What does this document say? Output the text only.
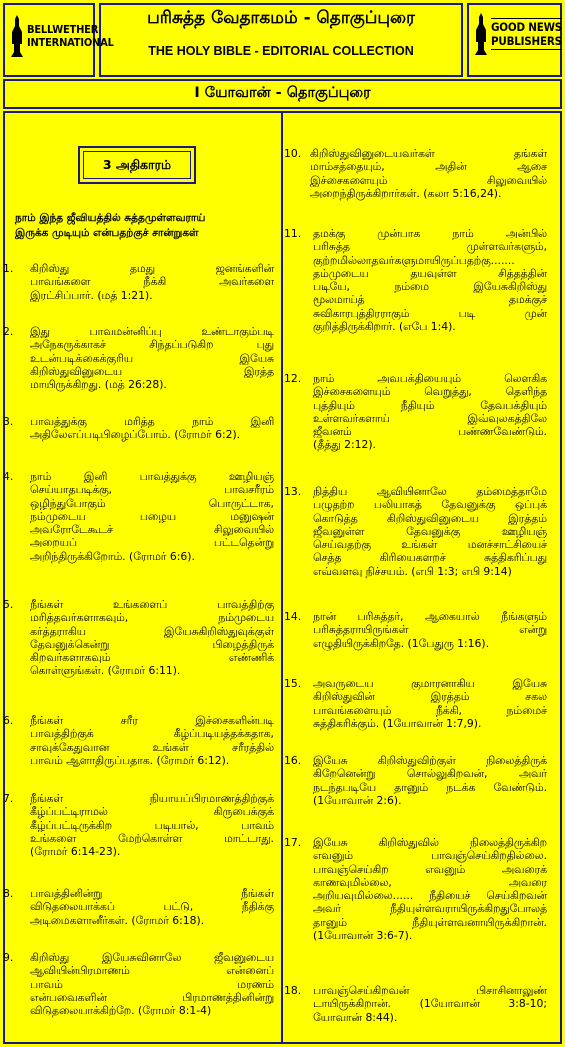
BELLWETHER
INTERNATIONAL
GOOD NEWS
PUBLISHERS
பரிசுத்த வேதாகமம் - தொகுப்புரை
THE HOLY BIBLE - EDITORIAL COLLECTION
I யோவான் - தொகுப்புரை
3 அதிகாரம்
நாம் இந்த ஜீவியத்தில் சுத்தமுள்ளவராய்
இருக்க முடியும் என்பதற்குச் சான்றுகள்
1. கிறிஸ்து தமது ஜனங்களின்
பாவங்களை நீக்கி அவர்களை
இரட்சிப்பார். (மத் 1:21).
2. இது பாவமன்னிப்பு உண்டாகும்படி
அநேகருக்காகச் சிந்தப்படுகிற புது
உடன்படிக்கைக்குரிய இயேசு
கிறிஸ்துவினுடைய இரத்த
மாயிருக்கிறது. (மத் 26:28).
3. பாவத்துக்கு மரித்த நாம் இனி
அதிலேஎப்படிபிழைப்போம். (ரோமர் 6:2).
4. நாம் இனி பாவத்துக்கு ஊழியஞ்
செய்யாதபடிக்கு, பாவசரீரம்
ஒழிந்துபோகும் பொருட்டாக,
நம்முடைய பழைய மனுஷன்
அவரோடேகூடச் சிலுவையில்
அறையப் பட்டதென்று
அறிந்திருக்கிறோம். (ரோமர் 6:6).
5. நீங்கள் உங்களைப் பாவத்திற்கு
மரித்தவர்களாகவும், நம்முடைய
கர்த்தராகிய இயேசுகிறிஸ்துவுக்குள்
தேவனுக்கென்று பிழைத்திருக்
கிறவர்களாகவும் எண்ணிக்
கொள்ளுங்கள். (ரோமர் 6:11).
6. நீங்கள் சரீர இச்சைகளின்படி
பாவத்திற்குக் கீழ்ப்படியத்தக்கதாக,
சாவுக்கேதுவான உங்கள் சரீரத்தில்
பாவம் ஆளாதிருப்பதாக. (ரோமர் 6:12).
7. நீங்கள் நியாயப்பிரமாணத்திற்குக்
கீழ்ப்பட்டிராமல் கிருபைக்குக்
கீழ்ப்பட்டிருக்கிற படியால், பாவம்
உங்களை மேற்கொள்ள மாட்டாது.
(ரோமர் 6:14-23).
8. பாவத்தினின்று நீங்கள்
விடுதலையாக்கப் பட்டு, நீதிக்கு
அடிமைகளானீர்கள். (ரோமர் 6:18).
9. கிறிஸ்து இயேசுவினாலே ஜீவனுடைய
ஆவியின்பிரமாணம் என்னைப்
பாவம் மரணம்
என்பவைகளின் பிரமாணத்தினின்று
விடுதலையாக்கிற்றே. (ரோமர் 8:1-4)
10. கிறிஸ்துவினுடையவர்கள் தங்கள்
மாம்சத்தையும், அதின் ஆசை
இச்சைகளையும் சிலுவையில்
அறைந்திருக்கிறார்கள். (கலா 5:16,24).
11. தமக்கு முன்பாக நாம் அன்பில்
பரிசுத்த முள்ளவர்களும்,
குற்றமில்லாதவர்களுமாயிருப்பதற்கு.......
தம்முடைய தயவுள்ள சித்தத்தின்
படியே, நம்மை இயேசுகிறிஸ்து
மூலமாய்த் தமக்குச்
சுவிகாரபுத்திரராகும் படி முன்
குறித்திருக்கிறார். (எபே 1:4).
12. நாம் அவபக்தியையும் லௌகிக
இச்சைகளையும் வெறுத்து, தெளிந்த
புத்தியும் நீதியும் தேவபக்தியும்
உள்ளவர்களாய் இவ்வுலகத்திலே
ஜீவனம் பண்ணவேண்டும்.
(தீத்து 2:12).
13. நித்திய ஆவியினாலே தம்மைத்தாமே
பழுதற்ற பலியாகத் தேவனுக்கு ஒப்புக்
கொடுத்த கிறிஸ்துவினுடைய இரத்தம்
ஜீவனுள்ள தேவனுக்கு ஊழியஞ்
செய்வதற்கு உங்கள் மனச்சாட்சியைச்
செத்த கிரியைகளறச் சுத்திகரிப்பது
எவ்வளவு நிச்சயம். (எபி 1:3; எபி 9:14)
14. நான் பரிசுத்தர், ஆகையால் நீங்களும்
பரிசுத்தராயிருங்கள் என்று
எழுதியிருக்கிறதே. (1பேதுரு 1:16).
15. அவருடைய குமாரனாகிய இயேசு
கிறிஸ்துவின் இரத்தம் சகல
பாவங்களையும் நீக்கி, நம்மைச்
சுத்திகரிக்கும். (1யோவான் 1:7,9).
16. இயேசு கிறிஸ்துவிற்குள் நிலைத்திருக்
கிறேனென்று சொல்லுகிறவன், அவர்
நடந்தபடியே தானும் நடக்க வேண்டும்.
(1யோவான் 2:6).
17. இயேசு கிறிஸ்துவில் நிலைத்திருக்கிற
எவனும் பாவஞ்செய்கிறதில்லை.
பாவஞ்செய்கிற எவனும் அவரைக்
காணவுமில்லை, அவரை
அறியவுமில்லை...... நீதியைச் செய்கிறவன்
அவர் நீதியுள்ளவராயிருக்கிறதுபோலத்
தானும் நீதியுள்ளவனாயிருக்கிறான்.
(1யோவான் 3:6-7).
18. பாவஞ்செய்கிறவன் பிசாசினாலுண்
டாயிருக்கிறான். (1யோவான் 3:8-10;
யோவான் 8:44).
